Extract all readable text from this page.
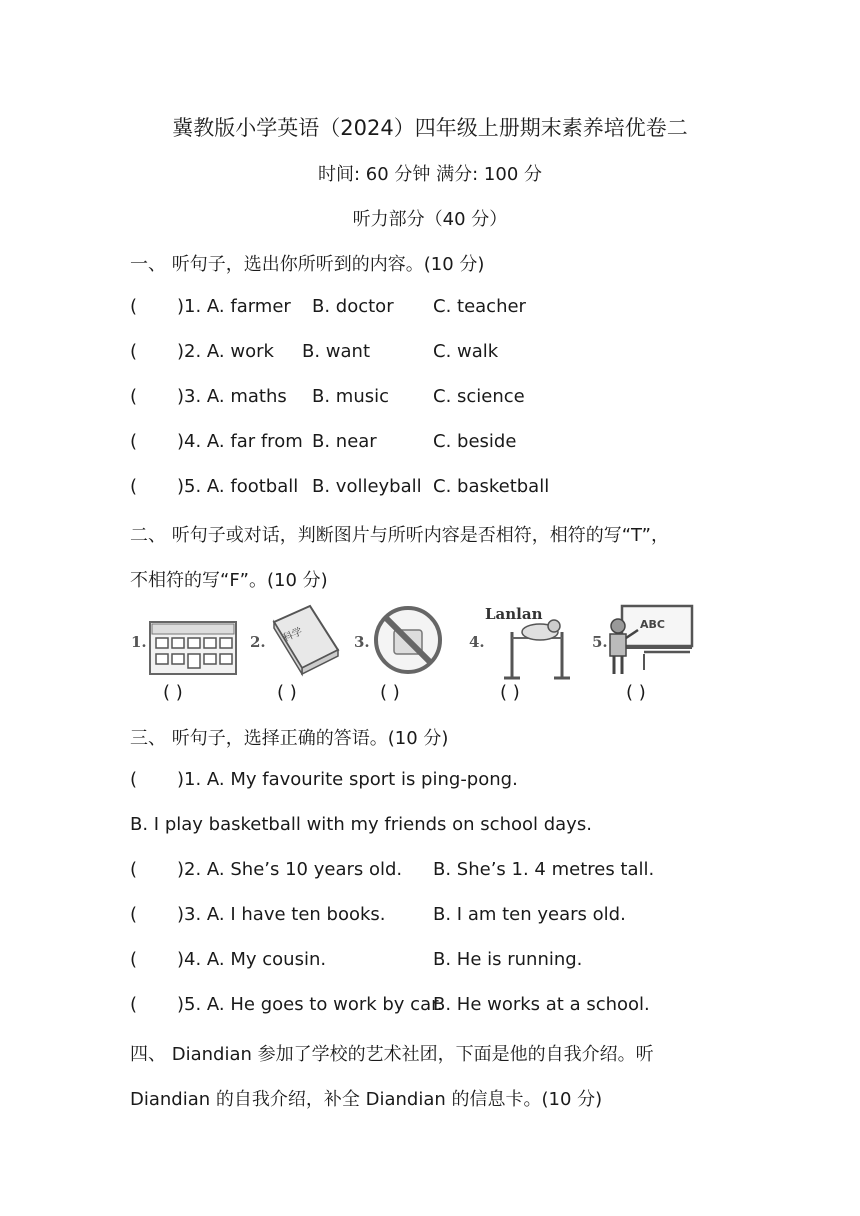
冀教版小学英语（2024）四年级上册期末素养培优卷二
时间: 60 分钟 满分: 100 分
听力部分（40 分）
一、 听句子，选出你所听到的内容。(10 分)
( )1. A. farmer B. doctor C. teacher
( )2. A. work B. want	C. walk
( )3. A. maths B. music C. science
( )4. A. far from B. near	C. beside
( )5. A. football B. volleyball C. basketball
二、 听句子或对话，判断图片与所听内容是否相符，相符的写“T”，
不相符的写“F”。(10 分)
1.
( )
2. 科学
( )
3.
( )
Lanlan
4.
( )
5.
ABC
( )
三、 听句子，选择正确的答语。(10 分)
( )1. A. My favourite sport is ping-pong.
B. I play basketball with my friends on school days.
( )2. A. She’s 10 years old. B. She’s 1. 4 metres tall.
( )3. A. I have ten books.	B. I am ten years old.
( )4. A. My cousin.	B. He is running.
( )5. A. He goes to work by car.
B. He works at a school.
四、 Diandian 参加了学校的艺术社团，下面是他的自我介绍。听
Diandian 的自我介绍，补全 Diandian 的信息卡。(10 分)
